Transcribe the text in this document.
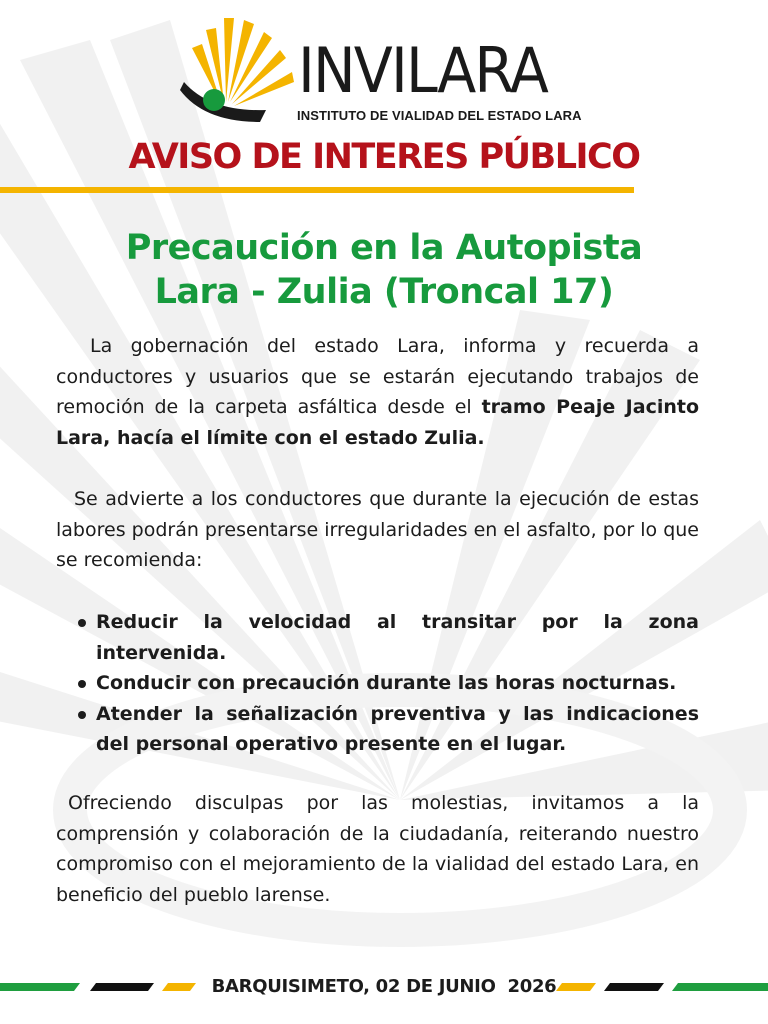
INVILARA
INSTITUTO DE VIALIDAD DEL ESTADO LARA
AVISO DE INTERES PÚBLICO
Precaución en la Autopista
Lara - Zulia (Troncal 17)

La gobernación del estado Lara, informa y recuerda a conductores y usuarios que se estarán ejecutando trabajos de remoción de la carpeta asfáltica desde el tramo Peaje Jacinto Lara, hacía el límite con el estado Zulia.

Se advierte a los conductores que durante la ejecución de estas labores podrán presentarse irregularidades en el asfalto, por lo que se recomienda:

Reducir la velocidad al transitar por la zona intervenida.
Conducir con precaución durante las horas nocturnas.
Atender la señalización preventiva y las indicaciones del personal operativo presente en el lugar.

Ofreciendo disculpas por las molestias, invitamos a la comprensión y colaboración de la ciudadanía, reiterando nuestro compromiso con el mejoramiento de la vialidad del estado Lara, en beneficio del pueblo larense.

BARQUISIMETO, 02 DE JUNIO  2026
